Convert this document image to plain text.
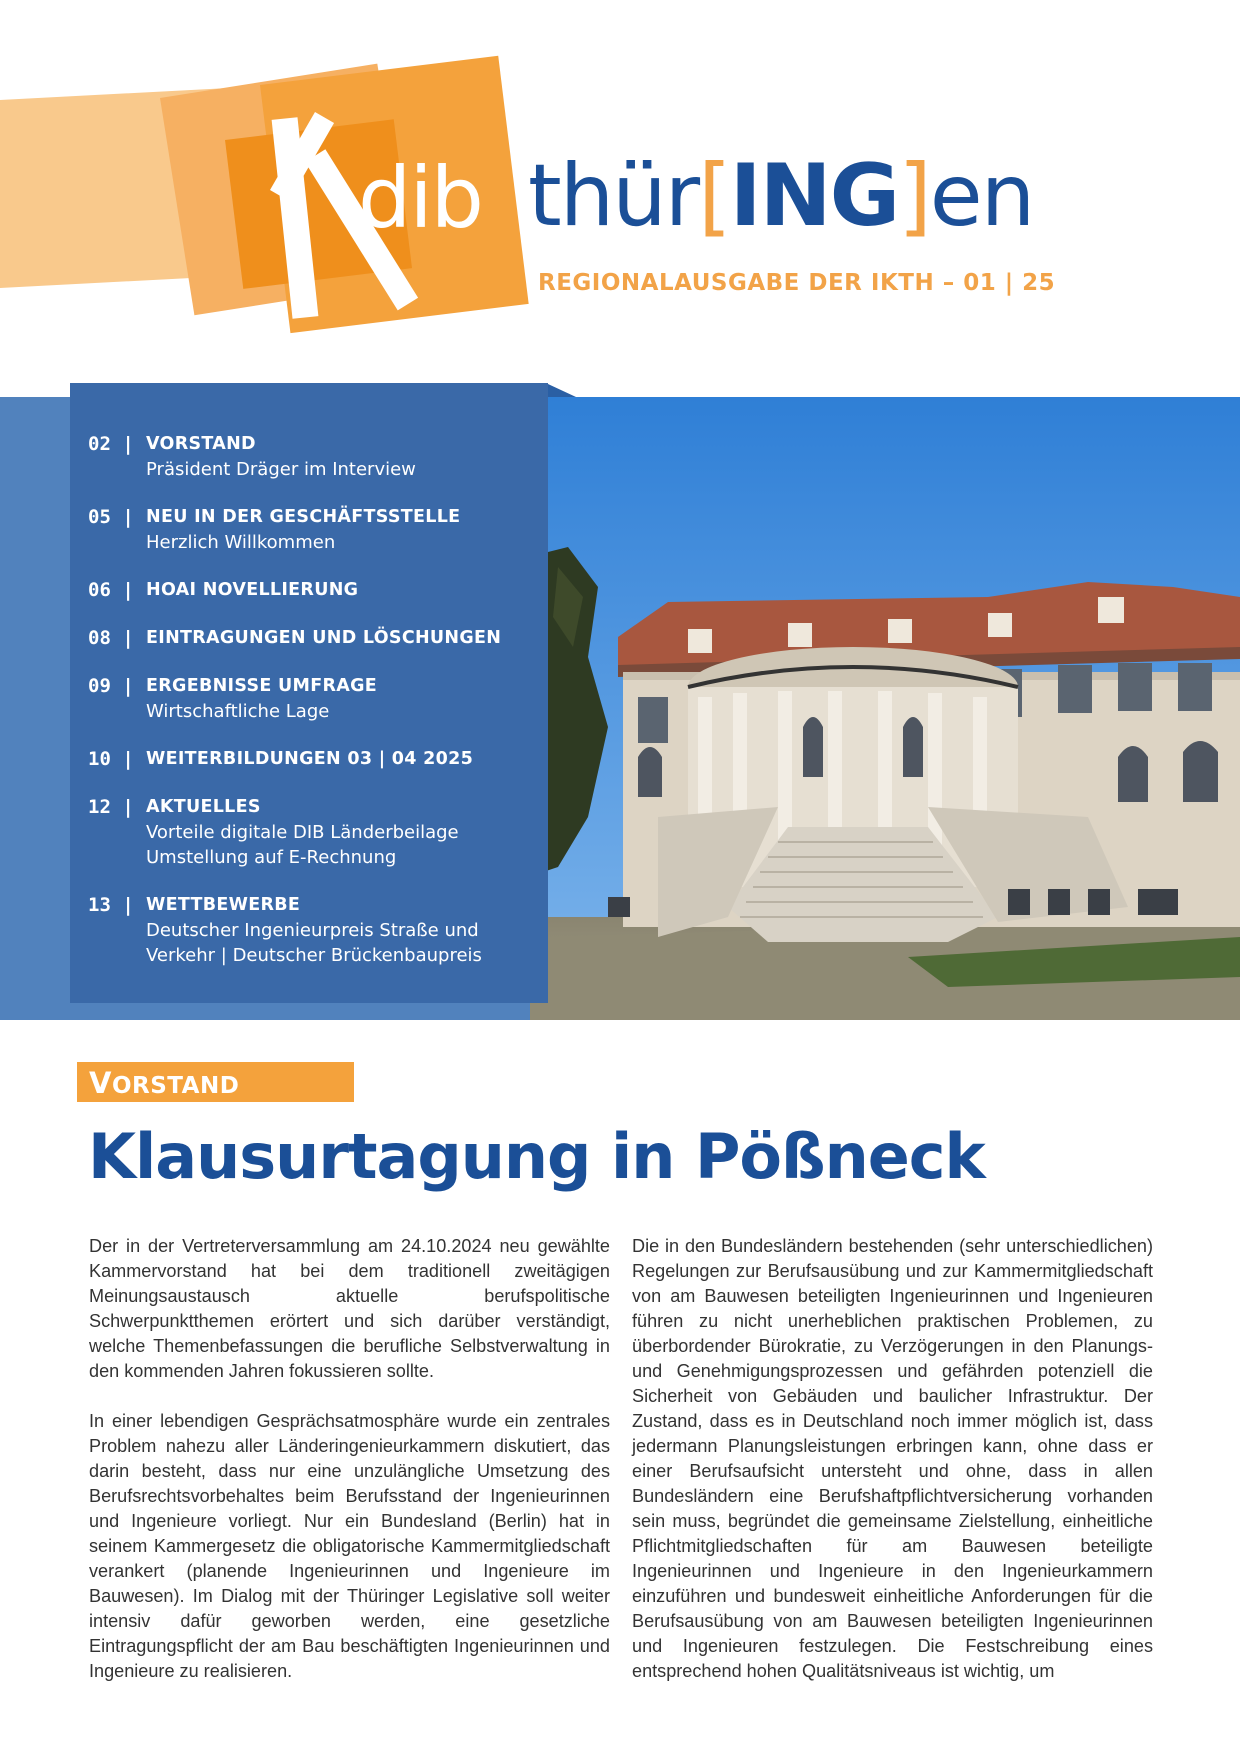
dib thür[ING]en
REGIONALAUSGABE DER IKTH – 01 | 25
02 | VORSTAND
Präsident Dräger im Interview
05 | NEU IN DER GESCHÄFTSSTELLE
Herzlich Willkommen
06 | HOAI NOVELLIERUNG
08 | EINTRAGUNGEN UND LÖSCHUNGEN
09 | ERGEBNISSE UMFRAGE
Wirtschaftliche Lage
10 | WEITERBILDUNGEN 03 | 04 2025
12 | AKTUELLES
Vorteile digitale DIB Länderbeilage
Umstellung auf E-Rechnung
13 | WETTBEWERBE
Deutscher Ingenieurpreis Straße und
Verkehr | Deutscher Brückenbaupreis
VORSTAND
Klausurtagung in Pößneck

Der in der Vertreterversammlung am 24.10.2024 neu gewählte Kammervorstand hat bei dem traditionell zweitägigen Meinungsaustausch aktuelle berufspolitische Schwerpunktthemen erörtert und sich darüber verständigt, welche Themenbefassungen die berufliche Selbstverwaltung in den kommenden Jahren fokussieren sollte.

In einer lebendigen Gesprächsatmosphäre wurde ein zentrales Problem nahezu aller Länderingenieurkammern diskutiert, das darin besteht, dass nur eine unzulängliche Umsetzung des Berufsrechtsvorbehaltes beim Berufsstand der Ingenieurinnen und Ingenieure vorliegt. Nur ein Bundesland (Berlin) hat in seinem Kammergesetz die obligatorische Kammermitgliedschaft verankert (planende Ingenieurinnen und Ingenieure im Bauwesen). Im Dialog mit der Thüringer Legislative soll weiter intensiv dafür geworben werden, eine gesetzliche Eintragungspflicht der am Bau beschäftigten Ingenieurinnen und Ingenieure zu realisieren.

Die in den Bundesländern bestehenden (sehr unterschiedlichen) Regelungen zur Berufsausübung und zur Kammermitgliedschaft von am Bauwesen beteiligten Ingenieurinnen und Ingenieuren führen zu nicht unerheblichen praktischen Problemen, zu überbordender Bürokratie, zu Verzögerungen in den Planungs- und Genehmigungsprozessen und gefährden potenziell die Sicherheit von Gebäuden und baulicher Infrastruktur. Der Zustand, dass es in Deutschland noch immer möglich ist, dass jedermann Planungsleistungen erbringen kann, ohne dass er einer Berufsaufsicht untersteht und ohne, dass in allen Bundesländern eine Berufshaftpflichtversicherung vorhanden sein muss, begründet die gemeinsame Zielstellung, einheitliche Pflichtmitgliedschaften für am Bauwesen beteiligte Ingenieurinnen und Ingenieure in den Ingenieurkammern einzuführen und bundesweit einheitliche Anforderungen für die Berufsausübung von am Bauwesen beteiligten Ingenieurinnen und Ingenieuren festzulegen. Die Festschreibung eines entsprechend hohen Qualitätsniveaus ist wichtig, um
